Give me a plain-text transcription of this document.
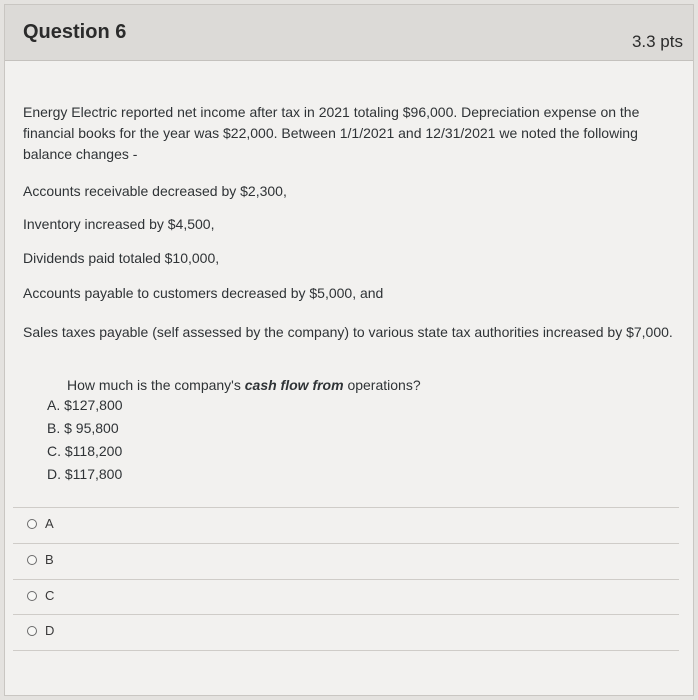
Question 6	3.3 pts
Energy Electric reported net income after tax in 2021 totaling $96,000. Depreciation expense on the financial books for the year was $22,000. Between 1/1/2021 and 12/31/2021 we noted the following balance changes -
Accounts receivable decreased by $2,300,
Inventory increased by $4,500,
Dividends paid totaled $10,000,
Accounts payable to customers decreased by $5,000, and
Sales taxes payable (self assessed by the company) to various state tax authorities increased by $7,000.
How much is the company's cash flow from operations?
A. $127,800
B. $ 95,800
C. $118,200
D. $117,800
A
B
C
D
